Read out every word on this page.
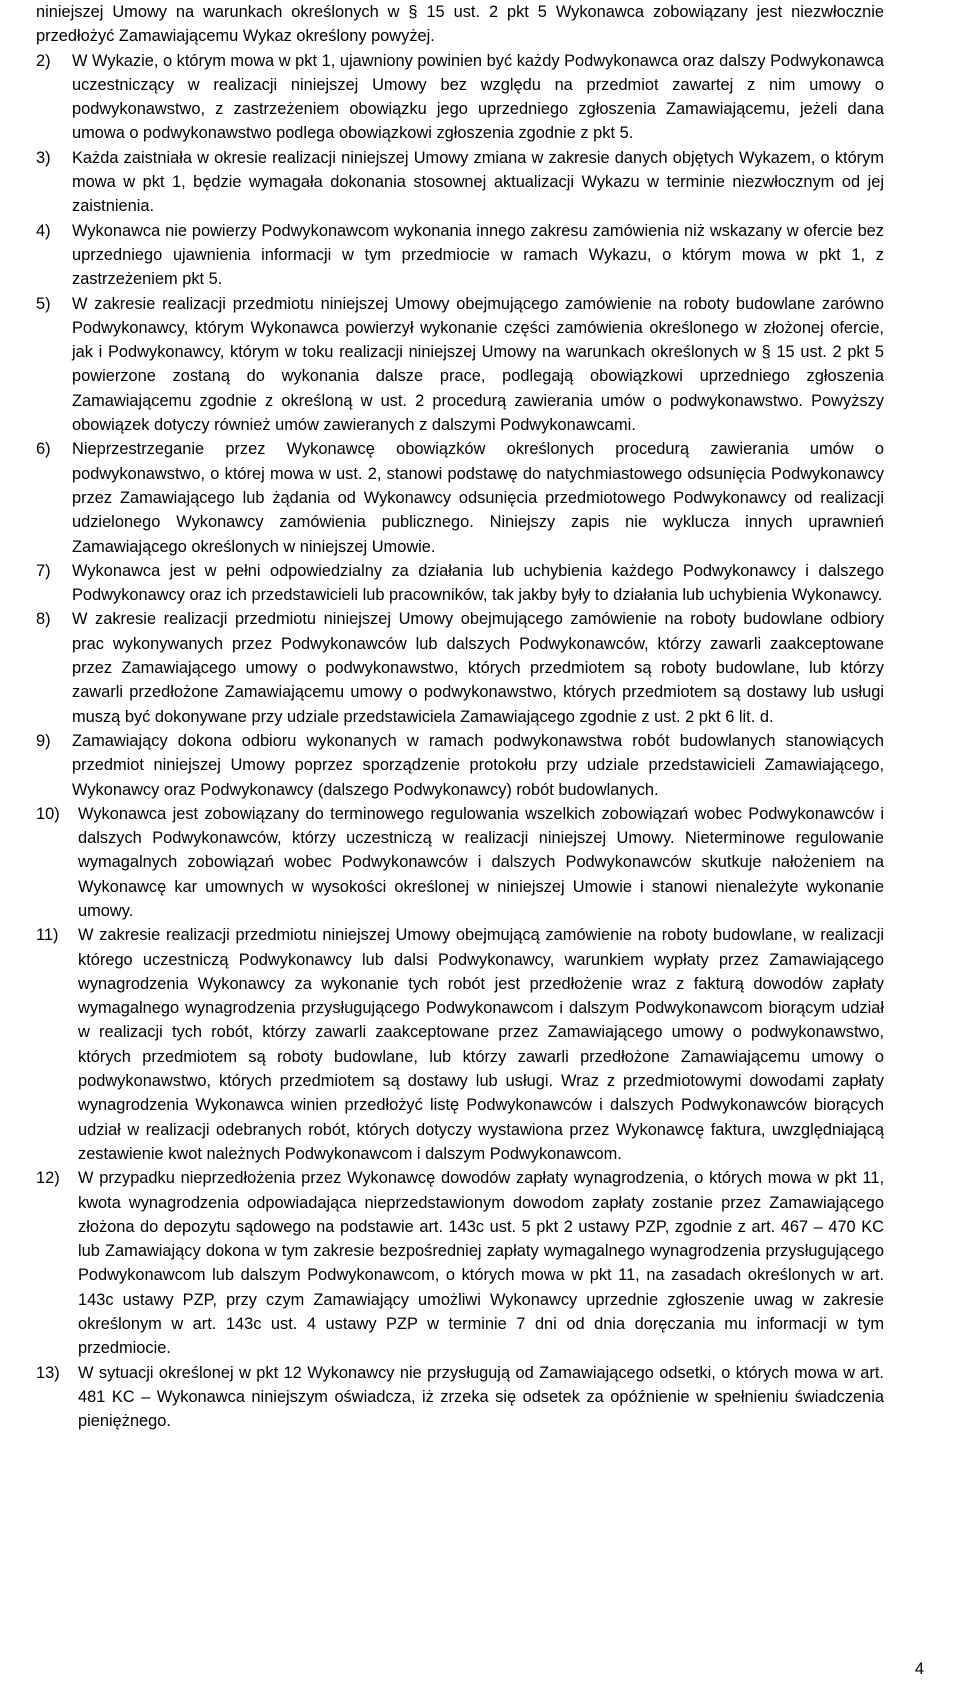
niniejszej Umowy na warunkach określonych w § 15 ust. 2 pkt 5 Wykonawca zobowiązany jest niezwłocznie przedłożyć Zamawiającemu Wykaz określony powyżej.
2)	W Wykazie, o którym mowa w pkt 1, ujawniony powinien być każdy Podwykonawca oraz dalszy Podwykonawca uczestniczący w realizacji niniejszej Umowy bez względu na przedmiot zawartej z nim umowy o podwykonawstwo, z zastrzeżeniem obowiązku jego uprzedniego zgłoszenia Zamawiającemu, jeżeli dana umowa o podwykonawstwo podlega obowiązkowi zgłoszenia zgodnie z pkt 5.
3)	Każda zaistniała w okresie realizacji niniejszej Umowy zmiana w zakresie danych objętych Wykazem, o którym mowa w pkt 1, będzie wymagała dokonania stosownej aktualizacji Wykazu w terminie niezwłocznym od jej zaistnienia.
4)	Wykonawca nie powierzy Podwykonawcom wykonania innego zakresu zamówienia niż wskazany w ofercie bez uprzedniego ujawnienia informacji w tym przedmiocie w ramach Wykazu, o którym mowa w pkt 1, z zastrzeżeniem pkt 5.
5)	W zakresie realizacji przedmiotu niniejszej Umowy obejmującego zamówienie na roboty budowlane zarówno Podwykonawcy, którym Wykonawca powierzył wykonanie części zamówienia określonego w złożonej ofercie, jak i Podwykonawcy, którym w toku realizacji niniejszej Umowy na warunkach określonych w § 15 ust. 2 pkt 5 powierzone zostaną do wykonania dalsze prace, podlegają obowiązkowi uprzedniego zgłoszenia Zamawiającemu zgodnie z określoną w ust. 2 procedurą zawierania umów o podwykonawstwo. Powyższy obowiązek dotyczy również umów zawieranych z dalszymi Podwykonawcami.
6)	Nieprzestrzeganie przez Wykonawcę obowiązków określonych procedurą zawierania umów o podwykonawstwo, o której mowa w ust. 2, stanowi podstawę do natychmiastowego odsunięcia Podwykonawcy przez Zamawiającego lub żądania od Wykonawcy odsunięcia przedmiotowego Podwykonawcy od realizacji udzielonego Wykonawcy zamówienia publicznego. Niniejszy zapis nie wyklucza innych uprawnień Zamawiającego określonych w niniejszej Umowie.
7)	Wykonawca jest w pełni odpowiedzialny za działania lub uchybienia każdego Podwykonawcy i dalszego Podwykonawcy oraz ich przedstawicieli lub pracowników, tak jakby były to działania lub uchybienia Wykonawcy.
8)	W zakresie realizacji przedmiotu niniejszej Umowy obejmującego zamówienie na roboty budowlane odbiory prac wykonywanych przez Podwykonawców lub dalszych Podwykonawców, którzy zawarli zaakceptowane przez Zamawiającego umowy o podwykonawstwo, których przedmiotem są roboty budowlane, lub którzy zawarli przedłożone Zamawiającemu umowy o podwykonawstwo, których przedmiotem są dostawy lub usługi muszą być dokonywane przy udziale przedstawiciela Zamawiającego zgodnie z ust. 2 pkt 6 lit. d.
9)	Zamawiający dokona odbioru wykonanych w ramach podwykonawstwa robót budowlanych stanowiących przedmiot niniejszej Umowy poprzez sporządzenie protokołu przy udziale przedstawicieli Zamawiającego, Wykonawcy oraz Podwykonawcy (dalszego Podwykonawcy) robót budowlanych.
10)	Wykonawca jest zobowiązany do terminowego regulowania wszelkich zobowiązań wobec Podwykonawców i dalszych Podwykonawców, którzy uczestniczą w realizacji niniejszej Umowy. Nieterminowe regulowanie wymagalnych zobowiązań wobec Podwykonawców i dalszych Podwykonawców skutkuje nałożeniem na Wykonawcę kar umownych w wysokości określonej w niniejszej Umowie i stanowi nienależyte wykonanie umowy.
11)	W zakresie realizacji przedmiotu niniejszej Umowy obejmującą zamówienie na roboty budowlane, w realizacji którego uczestniczą Podwykonawcy lub dalsi Podwykonawcy, warunkiem wypłaty przez Zamawiającego wynagrodzenia Wykonawcy za wykonanie tych robót jest przedłożenie wraz z fakturą dowodów zapłaty wymagalnego wynagrodzenia przysługującego Podwykonawcom i dalszym Podwykonawcom biorącym udział w realizacji tych robót, którzy zawarli zaakceptowane przez Zamawiającego umowy o podwykonawstwo, których przedmiotem są roboty budowlane, lub którzy zawarli przedłożone Zamawiającemu umowy o podwykonawstwo, których przedmiotem są dostawy lub usługi. Wraz z przedmiotowymi dowodami zapłaty wynagrodzenia Wykonawca winien przedłożyć listę Podwykonawców i dalszych Podwykonawców biorących udział w realizacji odebranych robót, których dotyczy wystawiona przez Wykonawcę faktura, uwzględniającą zestawienie kwot należnych Podwykonawcom i dalszym Podwykonawcom.
12)	W przypadku nieprzedłożenia przez Wykonawcę dowodów zapłaty wynagrodzenia, o których mowa w pkt 11, kwota wynagrodzenia odpowiadająca nieprzedstawionym dowodom zapłaty zostanie przez Zamawiającego złożona do depozytu sądowego na podstawie art. 143c ust. 5 pkt 2 ustawy PZP, zgodnie z art. 467 – 470 KC lub Zamawiający dokona w tym zakresie bezpośredniej zapłaty wymagalnego wynagrodzenia przysługującego Podwykonawcom lub dalszym Podwykonawcom, o których mowa w pkt 11, na zasadach określonych w art. 143c ustawy PZP, przy czym Zamawiający umożliwi Wykonawcy uprzednie zgłoszenie uwag w zakresie określonym w art. 143c ust. 4 ustawy PZP w terminie 7 dni od dnia doręczania mu informacji w tym przedmiocie.
13)	W sytuacji określonej w pkt 12 Wykonawcy nie przysługują od Zamawiającego odsetki, o których mowa w art. 481 KC – Wykonawca niniejszym oświadcza, iż zrzeka się odsetek za opóźnienie w spełnieniu świadczenia pieniężnego.
4
